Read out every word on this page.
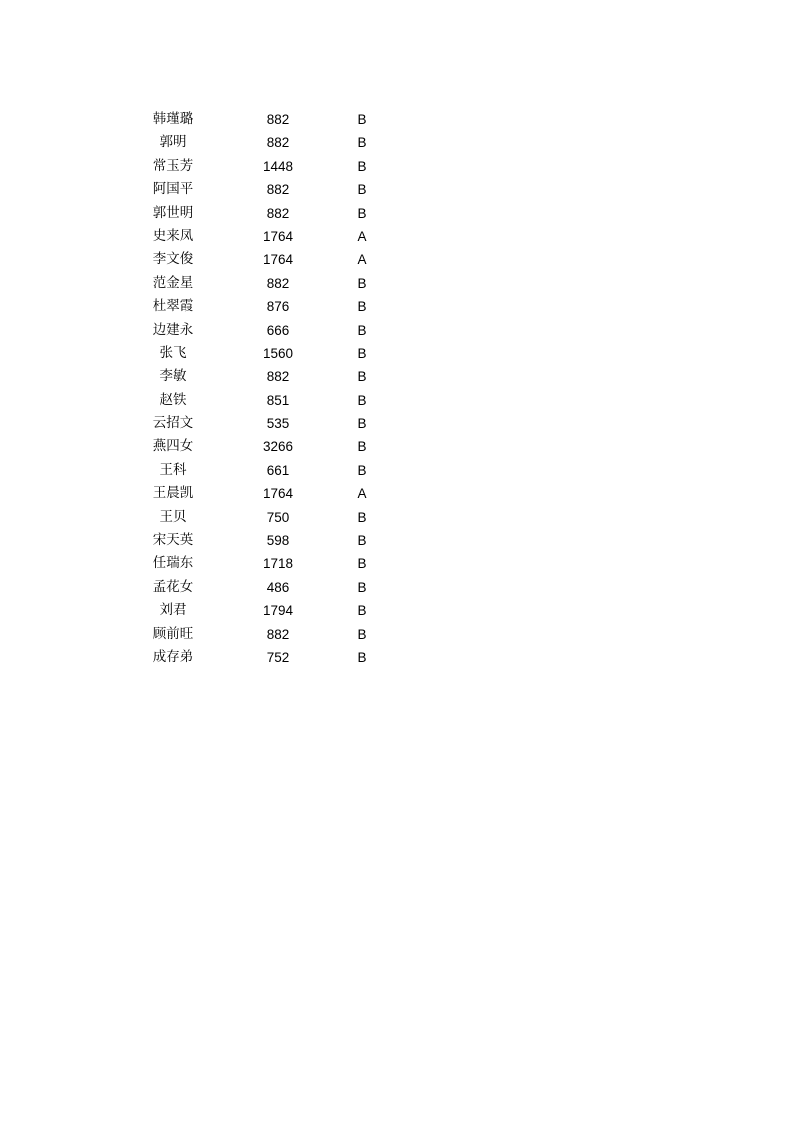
韩瑾璐	882	B
郭明	882	B
常玉芳	1448	B
阿国平	882	B
郭世明	882	B
史来凤	1764	A
李文俊	1764	A
范金星	882	B
杜翠霞	876	B
边建永	666	B
张飞	1560	B
李敏	882	B
赵铁	851	B
云招文	535	B
燕四女	3266	B
王科	661	B
王晨凯	1764	A
王贝	750	B
宋天英	598	B
任瑞东	1718	B
孟花女	486	B
刘君	1794	B
顾前旺	882	B
成存弟	752	B
